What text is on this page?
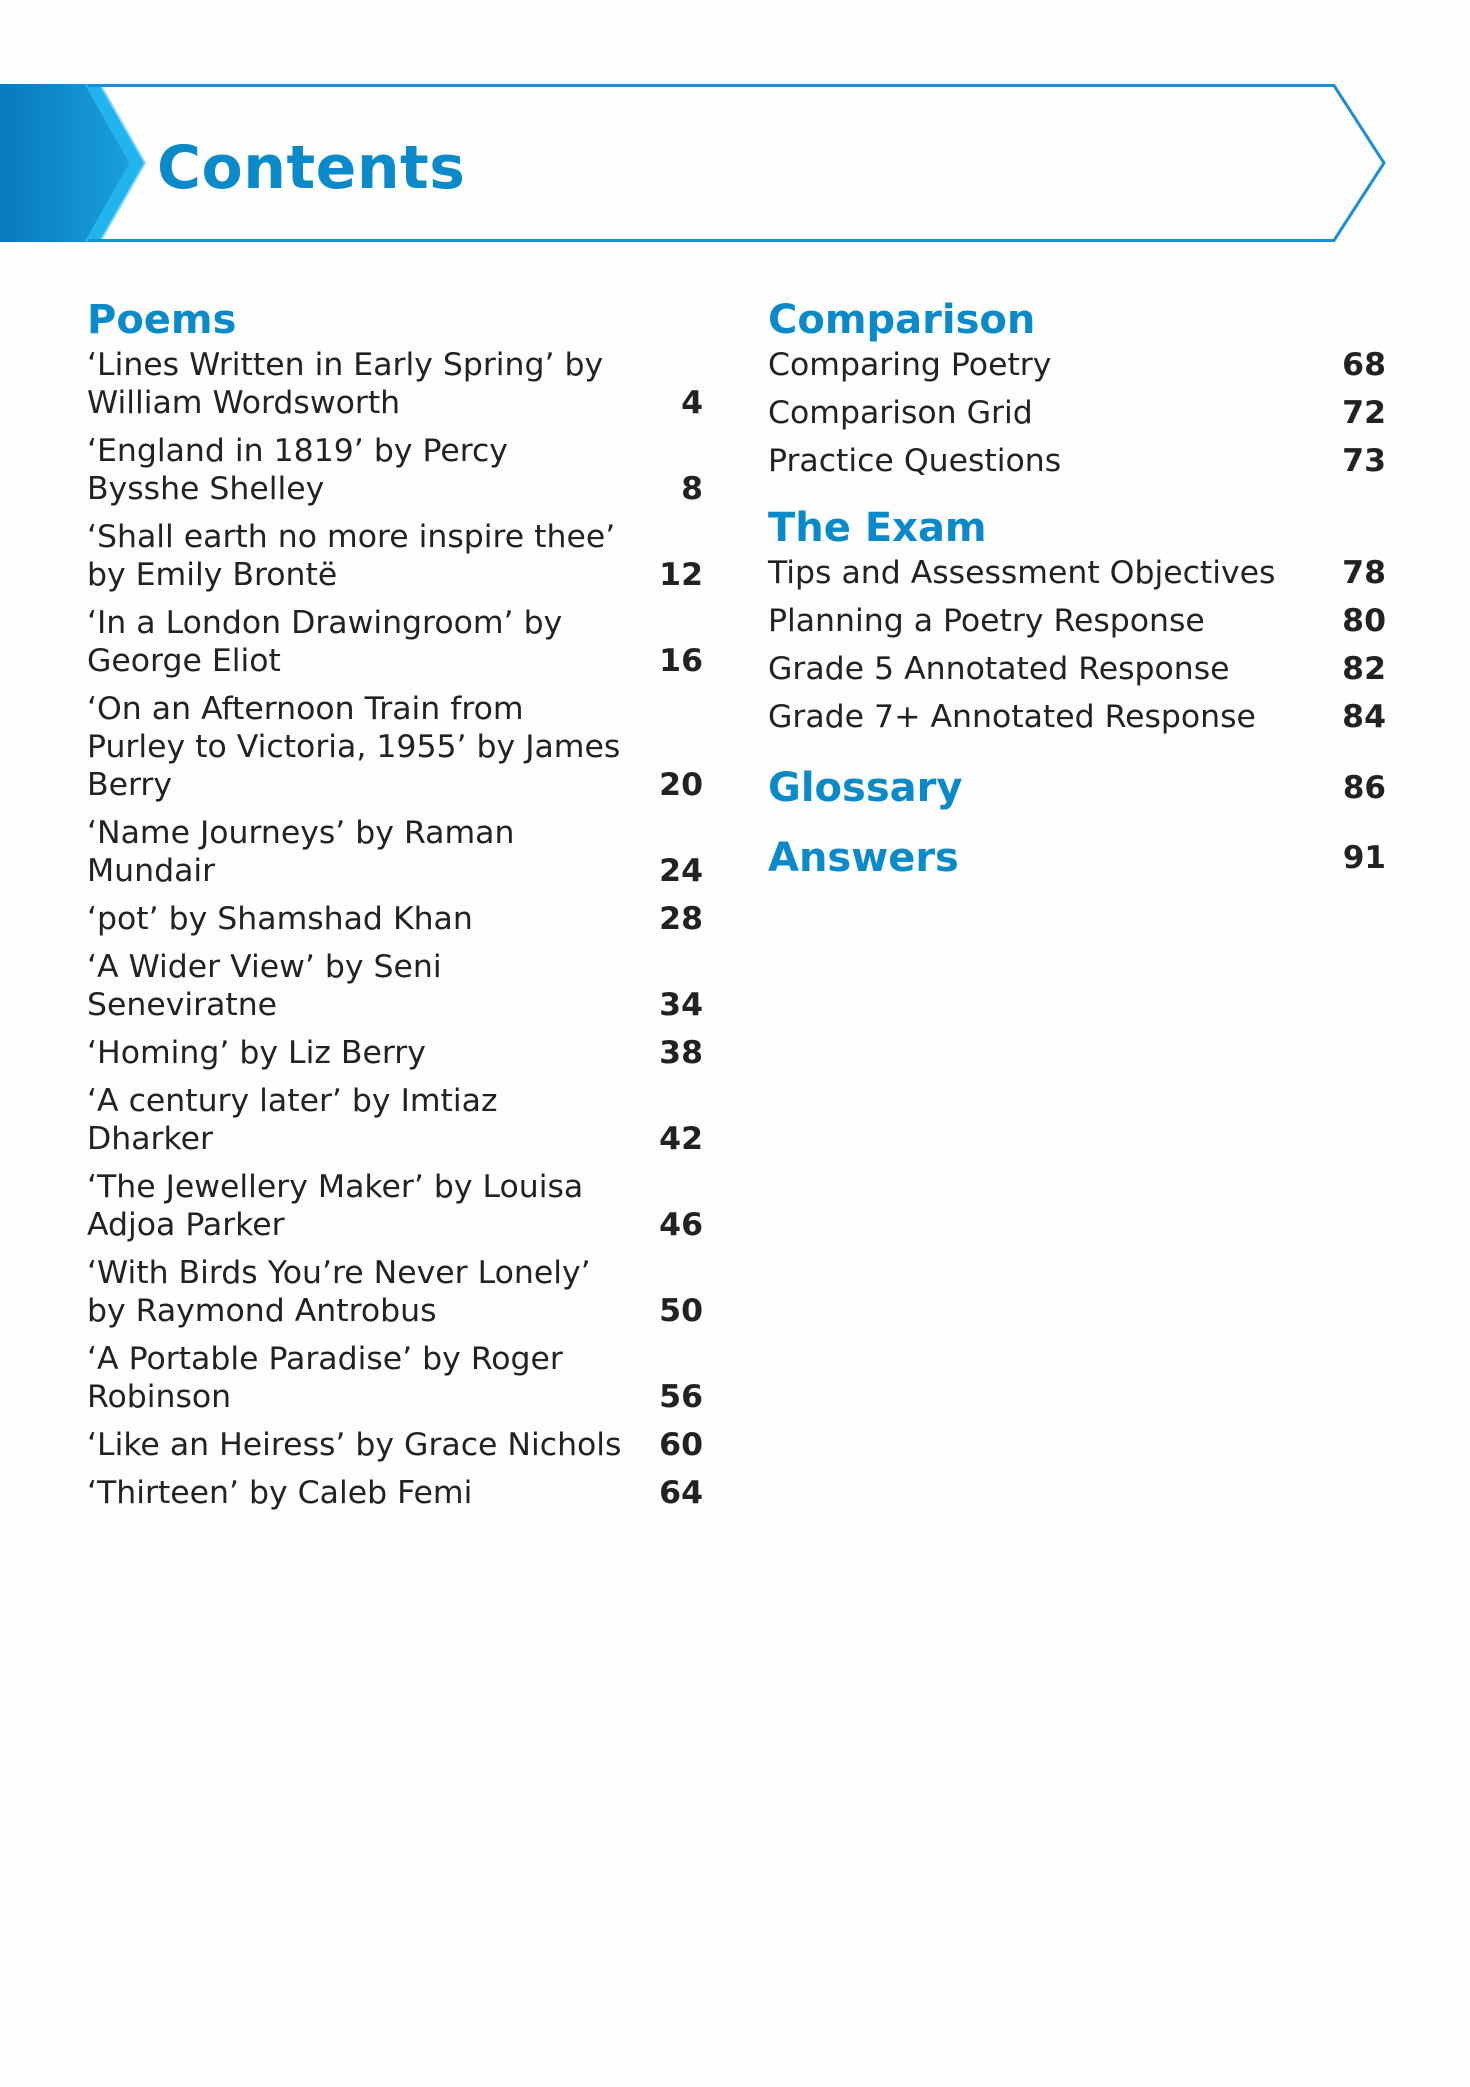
Contents
Poems
‘Lines Written in Early Spring’ by William Wordsworth	4
‘England in 1819’ by Percy Bysshe Shelley	8
‘Shall earth no more inspire thee’ by Emily Brontë	12
‘In a London Drawingroom’ by George Eliot	16
‘On an Afternoon Train from Purley to Victoria, 1955’ by James Berry	20
‘Name Journeys’ by Raman Mundair	24
‘pot’ by Shamshad Khan	28
‘A Wider View’ by Seni Seneviratne	34
‘Homing’ by Liz Berry	38
‘A century later’ by Imtiaz Dharker	42
‘The Jewellery Maker’ by Louisa Adjoa Parker	46
‘With Birds You’re Never Lonely’ by Raymond Antrobus	50
‘A Portable Paradise’ by Roger Robinson	56
‘Like an Heiress’ by Grace Nichols 60
‘Thirteen’ by Caleb Femi	64
Comparison
Comparing Poetry	68
Comparison Grid	72
Practice Questions	73
The Exam
Tips and Assessment Objectives	78
Planning a Poetry Response	80
Grade 5 Annotated Response	82
Grade 7+ Annotated Response	84
Glossary	86
Answers	91
